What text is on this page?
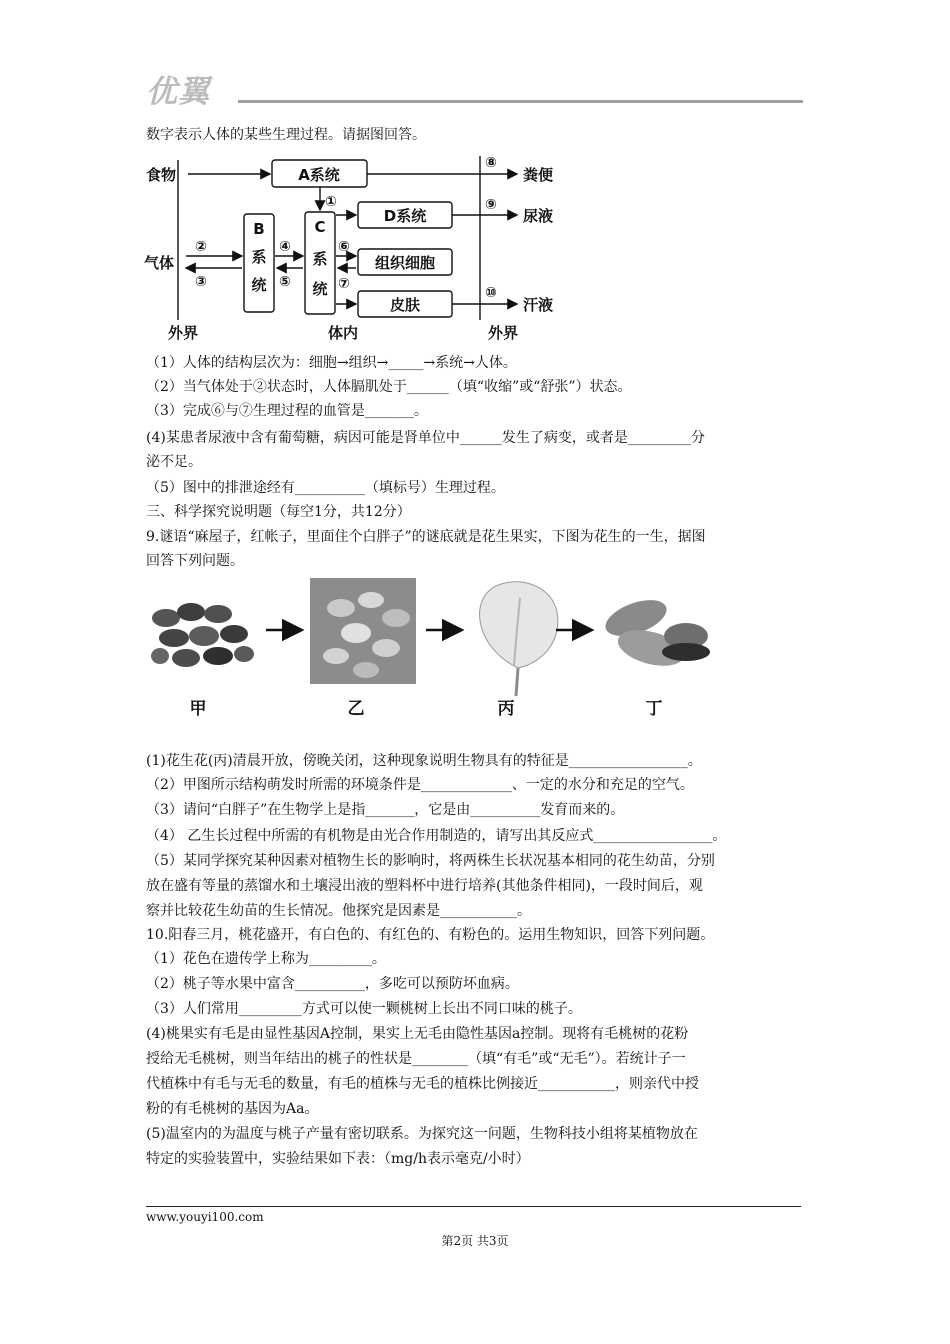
优翼
数字表示人体的某些生理过程。请据图回答。
食物
气体
A系统
B
系
统
C
系
统
D系统
组织细胞
皮肤
粪便
尿液
汗液
外界	体内	外界
①
②
③
④
⑤
⑥
⑦
⑧
⑨
⑩
（1）人体的结构层次为：细胞→组织→_____→系统→人体。
（2）当气体处于②状态时，人体膈肌处于______（填“收缩”或“舒张”）状态。
（3）完成⑥与⑦生理过程的血管是_______。
(4)某患者尿液中含有葡萄糖，病因可能是肾单位中______发生了病变，或者是_________分
泌不足。
（5）图中的排泄途经有__________（填标号）生理过程。
三、科学探究说明题（每空1分，共12分）
9.谜语“麻屋子，红帐子，里面住个白胖子”的谜底就是花生果实，下图为花生的一生，据图
回答下列问题。
甲	乙	丙	丁
(1)花生花(丙)清晨开放，傍晚关闭，这种现象说明生物具有的特征是_________________。
（2）甲图所示结构萌发时所需的环境条件是_____________、一定的水分和充足的空气。
（3）请问“白胖子”在生物学上是指_______，它是由__________发育而来的。
（4） 乙生长过程中所需的有机物是由光合作用制造的，请写出其反应式_________________。
（5）某同学探究某种因素对植物生长的影响时，将两株生长状况基本相同的花生幼苗，分别
放在盛有等量的蒸馏水和土壤浸出液的塑料杯中进行培养(其他条件相同)，一段时间后，观
察并比较花生幼苗的生长情况。他探究是因素是___________。
10.阳春三月，桃花盛开，有白色的、有红色的、有粉色的。运用生物知识，回答下列问题。
（1）花色在遗传学上称为_________。
（2）桃子等水果中富含__________，多吃可以预防坏血病。
（3）人们常用_________方式可以使一颗桃树上长出不同口味的桃子。
(4)桃果实有毛是由显性基因A控制，果实上无毛由隐性基因a控制。现将有毛桃树的花粉
授给无毛桃树，则当年结出的桃子的性状是________（填“有毛”或“无毛”）。若统计子一
代植株中有毛与无毛的数量，有毛的植株与无毛的植株比例接近___________，则亲代中授
粉的有毛桃树的基因为Aa。
(5)温室内的为温度与桃子产量有密切联系。为探究这一问题，生物科技小组将某植物放在
特定的实验装置中，实验结果如下表：（mg/h表示毫克/小时）
www.youyi100.com
第2页 共3页
